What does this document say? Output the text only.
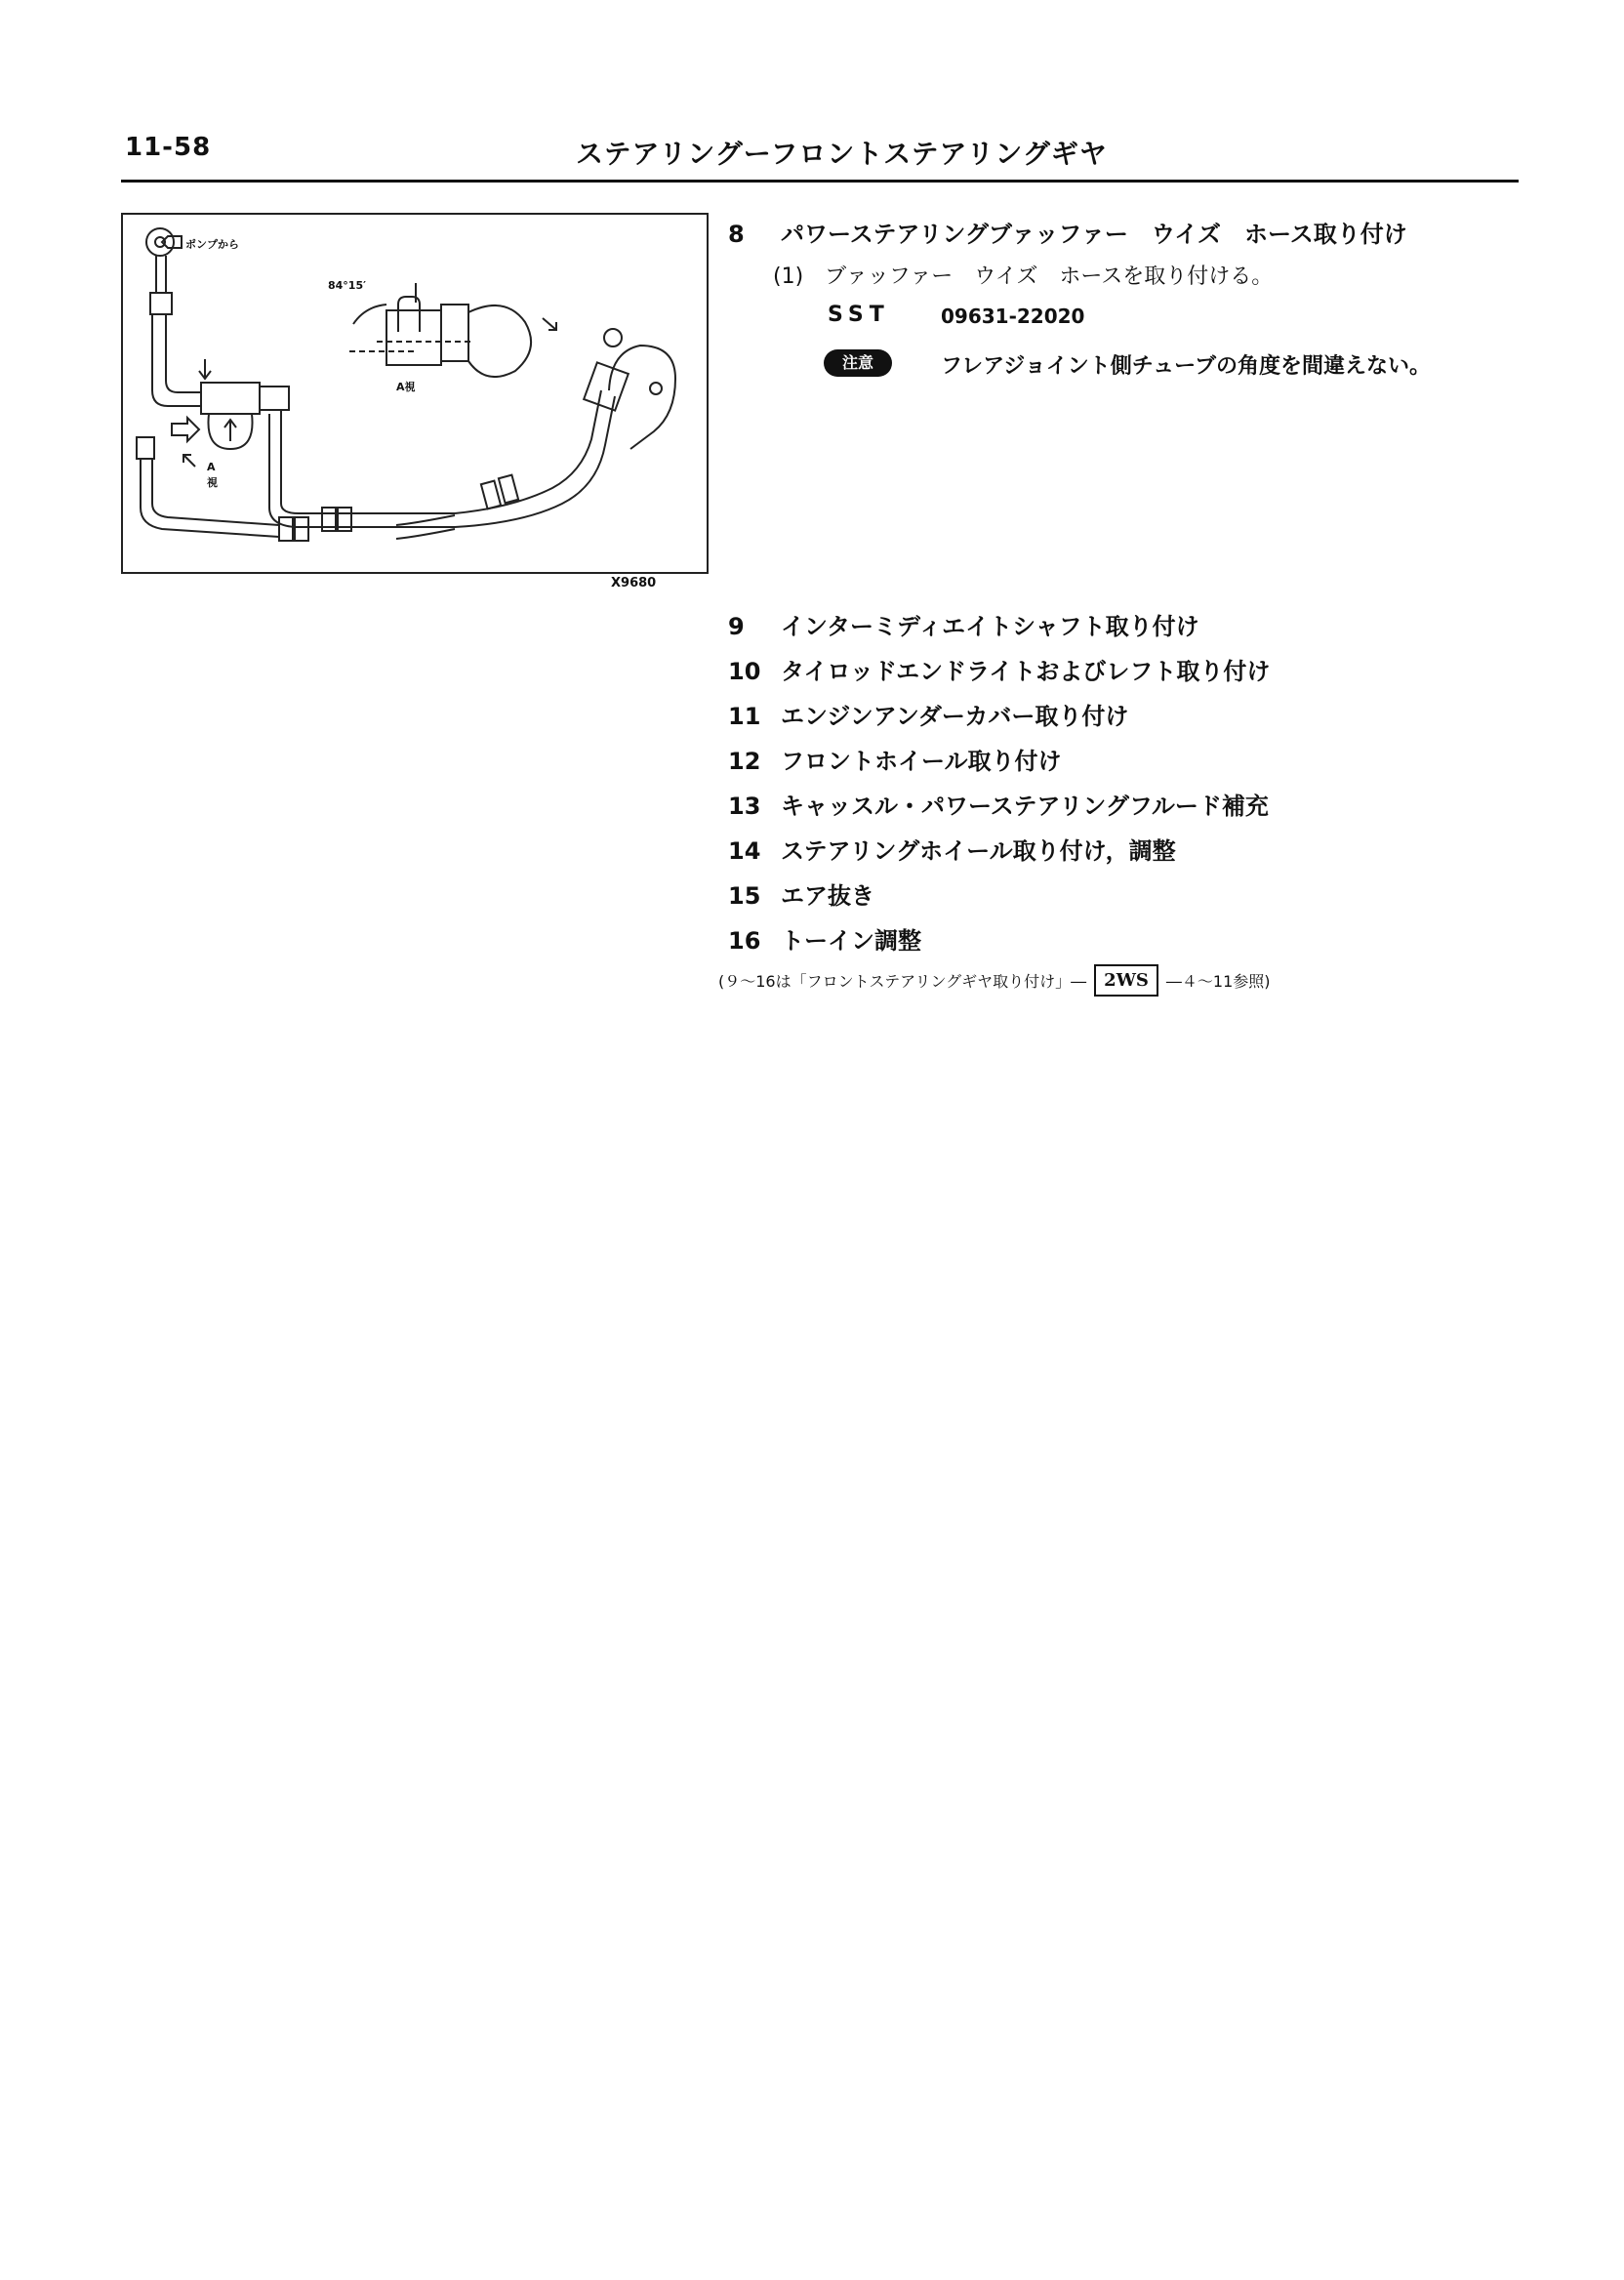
11-58	ステアリングーフロントステアリングギヤ
ポンプから
84°15′
A視
A
視
X9680
8 パワーステアリングブァッファー　ウイズ　ホース取り付け
(1)　ブァッファー　ウイズ　ホースを取り付ける。
SST	09631-22020
注意	フレアジョイント側チューブの角度を間違えない。
9 インターミディエイトシャフト取り付け
10 タイロッドエンドライトおよびレフト取り付け
11 エンジンアンダーカバー取り付け
12 フロントホイール取り付け
13 キャッスル・パワーステアリングフルード補充
14 ステアリングホイール取り付け，調整
15 エア抜き
16 トーイン調整
(９～16は「フロントステアリングギヤ取り付け」―	2WS	―４～11参照)
